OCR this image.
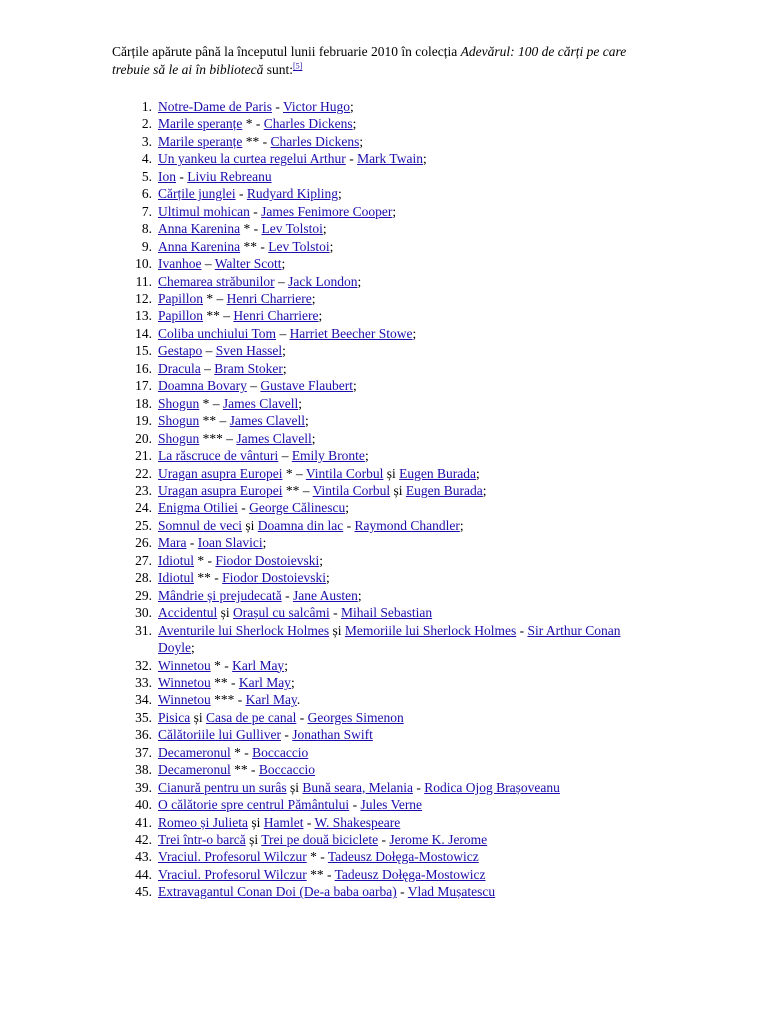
Cărțile apărute până la începutul lunii februarie 2010 în colecția Adevărul: 100 de cărți pe care trebuie să le ai în bibliotecă sunt:[5]

1. Notre-Dame de Paris - Victor Hugo;
2. Marile speranțe * - Charles Dickens;
3. Marile speranțe ** - Charles Dickens;
4. Un yankeu la curtea regelui Arthur - Mark Twain;
5. Ion - Liviu Rebreanu
6. Cărțile junglei - Rudyard Kipling;
7. Ultimul mohican - James Fenimore Cooper;
8. Anna Karenina * - Lev Tolstoi;
9. Anna Karenina ** - Lev Tolstoi;
10. Ivanhoe – Walter Scott;
11. Chemarea străbunilor – Jack London;
12. Papillon * – Henri Charriere;
13. Papillon ** – Henri Charriere;
14. Coliba unchiului Tom – Harriet Beecher Stowe;
15. Gestapo – Sven Hassel;
16. Dracula – Bram Stoker;
17. Doamna Bovary – Gustave Flaubert;
18. Shogun * – James Clavell;
19. Shogun ** – James Clavell;
20. Shogun *** – James Clavell;
21. La răscruce de vânturi – Emily Bronte;
22. Uragan asupra Europei * – Vintila Corbul și Eugen Burada;
23. Uragan asupra Europei ** – Vintila Corbul și Eugen Burada;
24. Enigma Otiliei - George Călinescu;
25. Somnul de veci și Doamna din lac - Raymond Chandler;
26. Mara - Ioan Slavici;
27. Idiotul * - Fiodor Dostoievski;
28. Idiotul ** - Fiodor Dostoievski;
29. Mândrie și prejudecată - Jane Austen;
30. Accidentul și Orașul cu salcâmi - Mihail Sebastian
31. Aventurile lui Sherlock Holmes și Memoriile lui Sherlock Holmes - Sir Arthur Conan Doyle;
32. Winnetou * - Karl May;
33. Winnetou ** - Karl May;
34. Winnetou *** - Karl May.
35. Pisica și Casa de pe canal - Georges Simenon
36. Călătoriile lui Gulliver - Jonathan Swift
37. Decameronul * - Boccaccio
38. Decameronul ** - Boccaccio
39. Cianură pentru un surâs și Bună seara, Melania - Rodica Ojog Brașoveanu
40. O călătorie spre centrul Pământului - Jules Verne
41. Romeo și Julieta și Hamlet - W. Shakespeare
42. Trei într-o barcă și Trei pe două biciclete - Jerome K. Jerome
43. Vraciul. Profesorul Wilczur * - Tadeusz Dołęga-Mostowicz
44. Vraciul. Profesorul Wilczur ** - Tadeusz Dołęga-Mostowicz
45. Extravagantul Conan Doi (De-a baba oarba) - Vlad Mușatescu
